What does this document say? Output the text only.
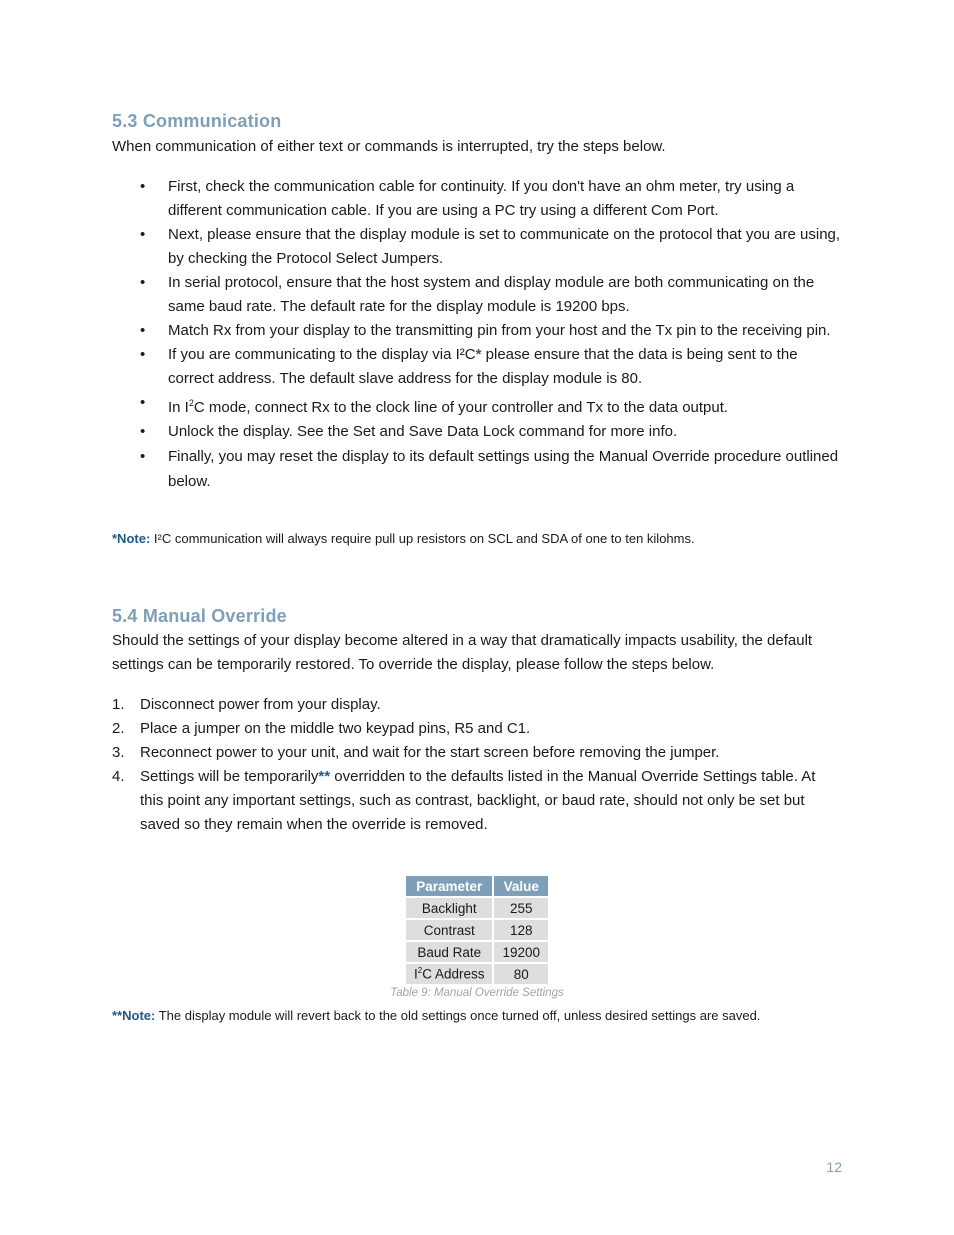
5.3 Communication

When communication of either text or commands is interrupted, try the steps below.

• First, check the communication cable for continuity. If you don't have an ohm meter, try using a different communication cable. If you are using a PC try using a different Com Port.
• Next, please ensure that the display module is set to communicate on the protocol that you are using, by checking the Protocol Select Jumpers.
• In serial protocol, ensure that the host system and display module are both communicating on the same baud rate. The default rate for the display module is 19200 bps.
• Match Rx from your display to the transmitting pin from your host and the Tx pin to the receiving pin.
• If you are communicating to the display via I²C* please ensure that the data is being sent to the correct address. The default slave address for the display module is 80.
• In $I^2C$ mode, connect Rx to the clock line of your controller and Tx to the data output.
• Unlock the display. See the Set and Save Data Lock command for more info.
• Finally, you may reset the display to its default settings using the Manual Override procedure outlined below.

*Note: I²C communication will always require pull up resistors on SCL and SDA of one to ten kilohms.

5.4 Manual Override

Should the settings of your display become altered in a way that dramatically impacts usability, the default settings can be temporarily restored. To override the display, please follow the steps below.

1. Disconnect power from your display.
2. Place a jumper on the middle two keypad pins, R5 and C1.
3. Reconnect power to your unit, and wait for the start screen before removing the jumper.
4. Settings will be temporarily** overridden to the defaults listed in the Manual Override Settings table. At this point any important settings, such as contrast, backlight, or baud rate, should not only be set but saved so they remain when the override is removed.
Parameter	Value
Backlight	255
Contrast	128
Baud Rate	19200
$I^2C$ Address	80
Table 9: Manual Override Settings

**Note: The display module will revert back to the old settings once turned off, unless desired settings are saved.

12
